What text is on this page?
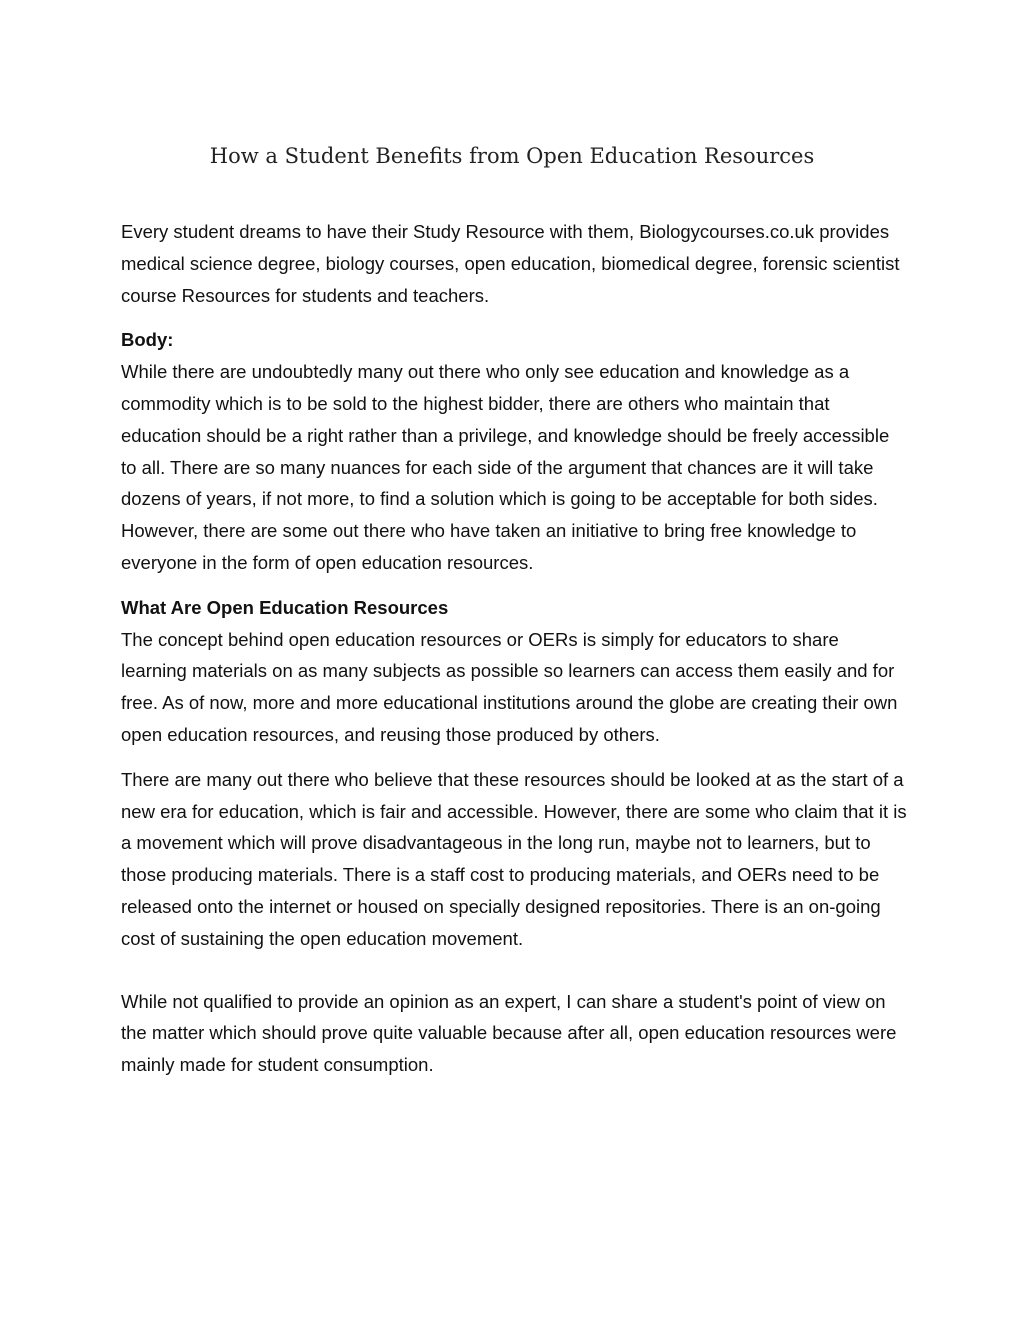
How a Student Benefits from Open Education Resources

Every student dreams to have their Study Resource with them, Biologycourses.co.uk provides medical science degree, biology courses, open education, biomedical degree, forensic scientist course Resources for students and teachers.

Body:

While there are undoubtedly many out there who only see education and knowledge as a commodity which is to be sold to the highest bidder, there are others who maintain that education should be a right rather than a privilege, and knowledge should be freely accessible to all. There are so many nuances for each side of the argument that chances are it will take dozens of years, if not more, to find a solution which is going to be acceptable for both sides. However, there are some out there who have taken an initiative to bring free knowledge to everyone in the form of open education resources.

What Are Open Education Resources

The concept behind open education resources or OERs is simply for educators to share learning materials on as many subjects as possible so learners can access them easily and for free. As of now, more and more educational institutions around the globe are creating their own open education resources, and reusing those produced by others.

There are many out there who believe that these resources should be looked at as the start of a new era for education, which is fair and accessible. However, there are some who claim that it is a movement which will prove disadvantageous in the long run, maybe not to learners, but to those producing materials. There is a staff cost to producing materials, and OERs need to be released onto the internet or housed on specially designed repositories. There is an on-going cost of sustaining the open education movement.

While not qualified to provide an opinion as an expert, I can share a student's point of view on the matter which should prove quite valuable because after all, open education resources were mainly made for student consumption.
